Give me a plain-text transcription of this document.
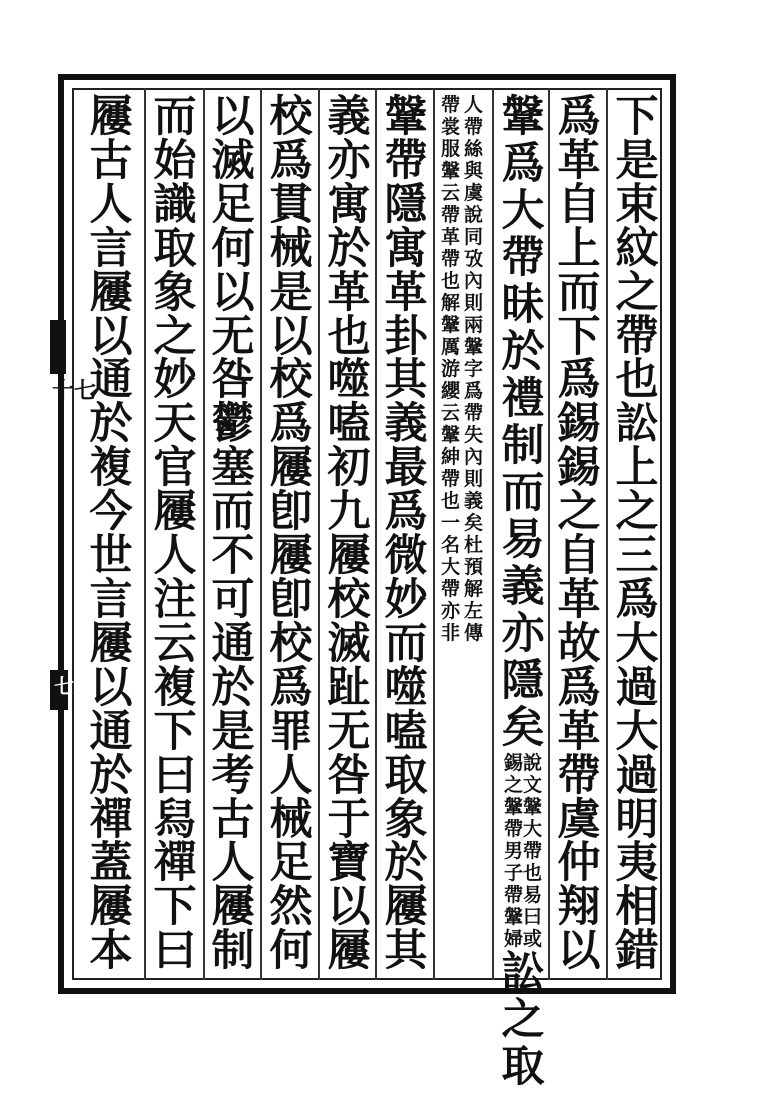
十七
七
下
是
束
紋
之
帶
也
訟
上
之
三
爲
大
過
大
過
明
夷
相
錯
爲
革
自
上
而
下
爲
錫
錫
之
自
革
故
爲
革
帶
虞
仲
翔
以
鞶
爲
大
帶
昧
於
禮
制
而
易
義
亦
隱
矣
說
文
鞶
大
帶
也
易
曰
或
錫
之
鞶
帶
男
子
帶
鞶
婦
訟
之
取
人
帶
絲
與
虞
說
同
攷
內
則
兩
鞶
字
爲
帶
失
內
則
義
矣
杜
預
解
左
傳
帶
裳
服
鞶
云
帶
革
帶
也
解
鞶
厲
游
纓
云
鞶
紳
帶
也
一
名
大
帶
亦
非
鞶
帶
隱
寓
革
卦
其
義
最
爲
微
妙
而
噬
嗑
取
象
於
屨
其
義
亦
寓
於
革
也
噬
嗑
初
九
屨
校
滅
趾
无
咎
于
寶
以
屨
校
爲
貫
械
是
以
校
爲
屨
卽
屨
卽
校
爲
罪
人
械
足
然
何
以
滅
足
何
以
无
咎
鬱
塞
而
不
可
通
於
是
考
古
人
屨
制
而
始
識
取
象
之
妙
天
官
屨
人
注
云
複
下
曰
舄
禪
下
曰
屨
古
人
言
屨
以
通
於
複
今
世
言
屨
以
通
於
禪
蓋
屨
本
